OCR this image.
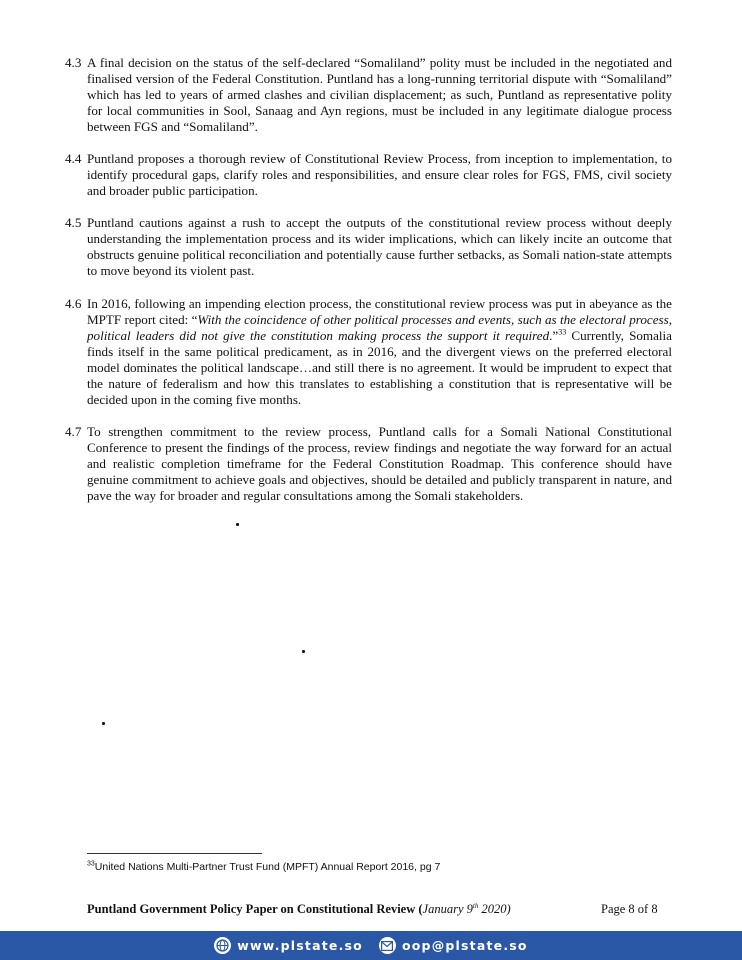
4.3 A final decision on the status of the self-declared “Somaliland” polity must be included in the negotiated and finalised version of the Federal Constitution. Puntland has a long-running territorial dispute with “Somaliland” which has led to years of armed clashes and civilian displacement; as such, Puntland as representative polity for local communities in Sool, Sanaag and Ayn regions, must be included in any legitimate dialogue process between FGS and “Somaliland”.
4.4 Puntland proposes a thorough review of Constitutional Review Process, from inception to implementation, to identify procedural gaps, clarify roles and responsibilities, and ensure clear roles for FGS, FMS, civil society and broader public participation.
4.5 Puntland cautions against a rush to accept the outputs of the constitutional review process without deeply understanding the implementation process and its wider implications, which can likely incite an outcome that obstructs genuine political reconciliation and potentially cause further setbacks, as Somali nation-state attempts to move beyond its violent past.
4.6 In 2016, following an impending election process, the constitutional review process was put in abeyance as the MPTF report cited: “With the coincidence of other political processes and events, such as the electoral process, political leaders did not give the constitution making process the support it required.”$^{33}$ Currently, Somalia finds itself in the same political predicament, as in 2016, and the divergent views on the preferred electoral model dominates the political landscape…and still there is no agreement. It would be imprudent to expect that the nature of federalism and how this translates to establishing a constitution that is representative will be decided upon in the coming five months.
4.7 To strengthen commitment to the review process, Puntland calls for a Somali National Constitutional Conference to present the findings of the process, review findings and negotiate the way forward for an actual and realistic completion timeframe for the Federal Constitution Roadmap. This conference should have genuine commitment to achieve goals and objectives, should be detailed and publicly transparent in nature, and pave the way for broader and regular consultations among the Somali stakeholders.
$^{33}$United Nations Multi-Partner Trust Fund (MPFT) Annual Report 2016, pg 7
Puntland Government Policy Paper on Constitutional Review (January 9th 2020)	Page 8 of 8
www.plstate.so	oop@plstate.so
